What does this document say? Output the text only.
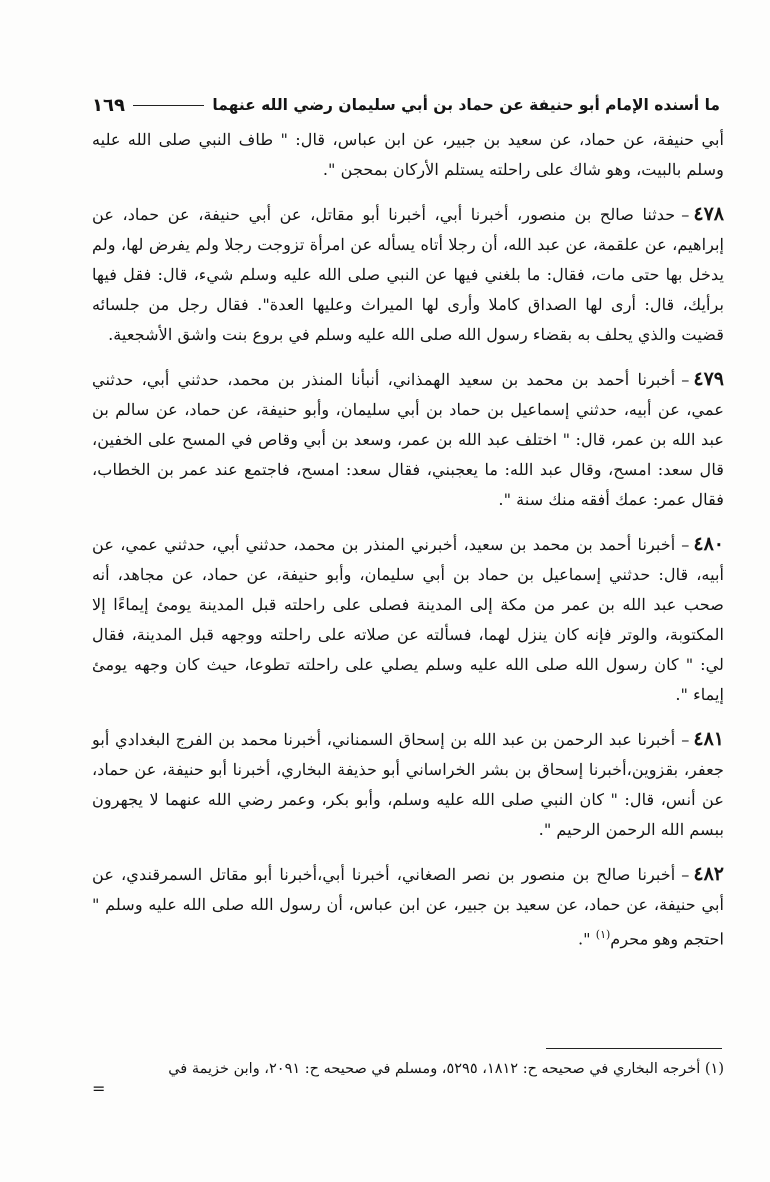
ما أسنده الإمام أبو حنيفة عن حماد بن أبي سليمان رضي الله عنهما
١٦٩

أبي حنيفة، عن حماد، عن سعيد بن جبير، عن ابن عباس، قال: " طاف النبي صلى الله عليه وسلم بالبيت، وهو شاك على راحلته يستلم الأركان بمحجن ".

٤٧٨–حدثنا صالح بن منصور، أخبرنا أبي، أخبرنا أبو مقاتل، عن أبي حنيفة، عن حماد، عن إبراهيم، عن علقمة، عن عبد الله، أن رجلا أتاه يسأله عن امرأة تزوجت رجلا ولم يفرض لها، ولم يدخل بها حتى مات، فقال: ما بلغني فيها عن النبي صلى الله عليه وسلم شيء، قال: فقل فيها برأيك، قال: أرى لها الصداق كاملا وأرى لها الميراث وعليها العدة". فقال رجل من جلسائه قضيت والذي يحلف به بقضاء رسول الله صلى الله عليه وسلم في بروع بنت واشق الأشجعية.

٤٧٩–أخبرنا أحمد بن محمد بن سعيد الهمذاني، أنبأنا المنذر بن محمد، حدثني أبي، حدثني عمي، عن أبيه، حدثني إسماعيل بن حماد بن أبي سليمان، وأبو حنيفة، عن حماد، عن سالم بن عبد الله بن عمر، قال: " اختلف عبد الله بن عمر، وسعد بن أبي وقاص في المسح على الخفين، قال سعد: امسح، وقال عبد الله: ما يعجبني، فقال سعد: امسح، فاجتمع عند عمر بن الخطاب، فقال عمر: عمك أفقه منك سنة ".

٤٨٠–أخبرنا أحمد بن محمد بن سعيد، أخبرني المنذر بن محمد، حدثني أبي، حدثني عمي، عن أبيه، قال: حدثني إسماعيل بن حماد بن أبي سليمان، وأبو حنيفة، عن حماد، عن مجاهد، أنه صحب عبد الله بن عمر من مكة إلى المدينة فصلى على راحلته قبل المدينة يومئ إيماءًا إلا المكتوبة، والوتر فإنه كان ينزل لهما، فسألته عن صلاته على راحلته ووجهه قبل المدينة، فقال لي: " كان رسول الله صلى الله عليه وسلم يصلي على راحلته تطوعا، حيث كان وجهه يومئ إيماء ".

٤٨١–أخبرنا عبد الرحمن بن عبد الله بن إسحاق السمناني، أخبرنا محمد بن الفرج البغدادي أبو جعفر، بقزوين،أخبرنا إسحاق بن بشر الخراساني أبو حذيفة البخاري، أخبرنا أبو حنيفة، عن حماد، عن أنس، قال: " كان النبي صلى الله عليه وسلم، وأبو بكر، وعمر رضي الله عنهما لا يجهرون ببسم الله الرحمن الرحيم ".

٤٨٢–أخبرنا صالح بن منصور بن نصر الصغاني، أخبرنا أبي،أخبرنا أبو مقاتل السمرقندي، عن أبي حنيفة، عن حماد، عن سعيد بن جبير، عن ابن عباس، أن رسول الله صلى الله عليه وسلم " احتجم وهو محرم$^{(١)}$ ".

(١) أخرجه البخاري في صحيحه ح: ١٨١٢، ٥٢٩٥، ومسلم في صحيحه ح: ٢٠٩١، وابن خزيمة في
=
